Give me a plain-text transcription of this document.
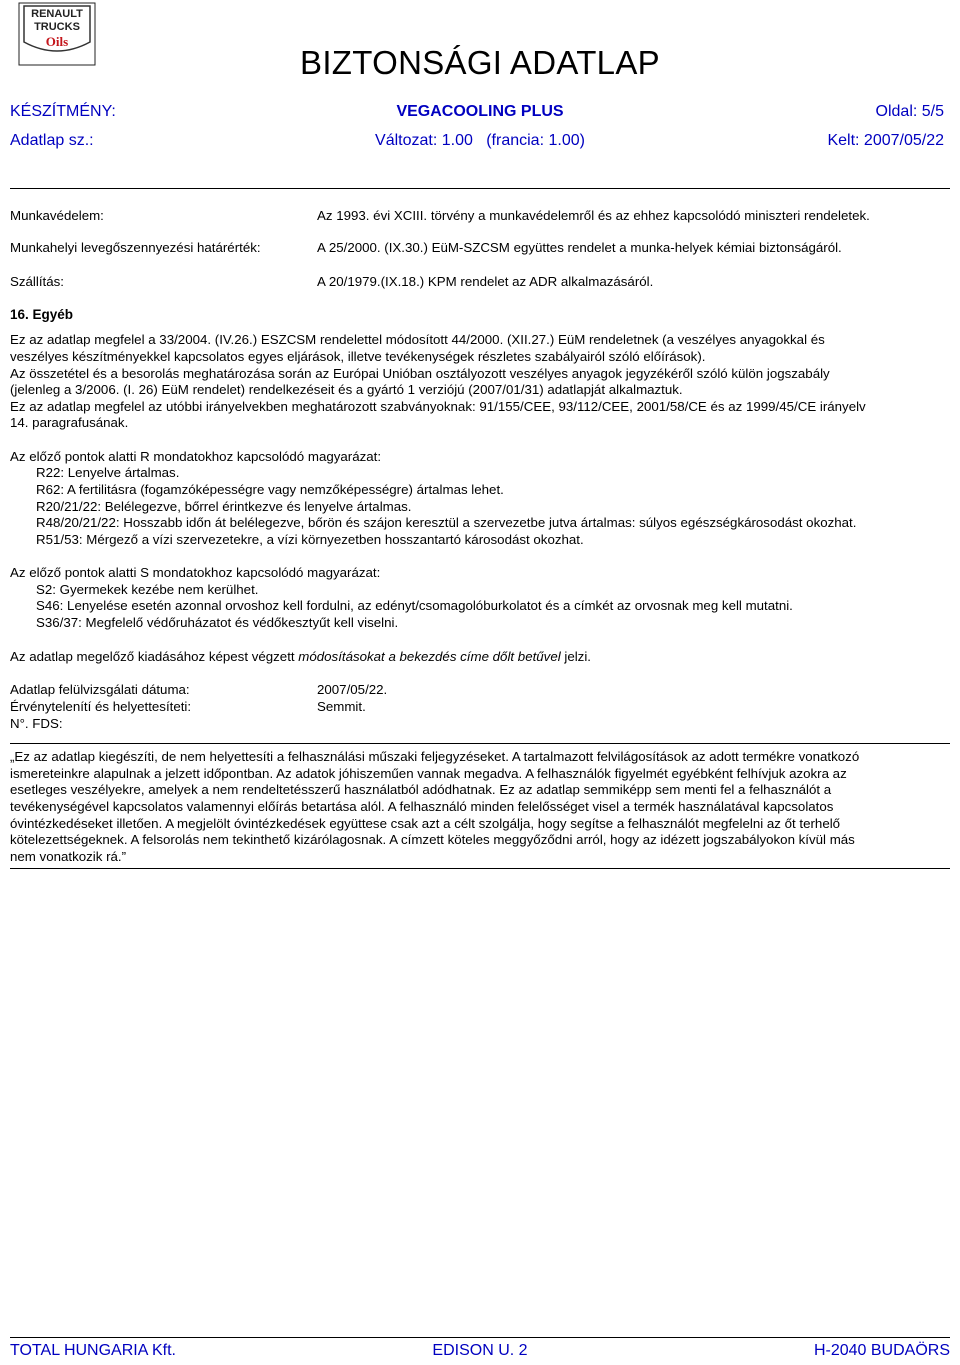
RENAULT
TRUCKS
Oils
BIZTONSÁGI ADATLAP
KÉSZÍTMÉNY:	VEGACOOLING PLUS	Oldal: 5/5
Adatlap sz.:	Változat: 1.00   (francia: 1.00)	Kelt: 2007/05/22
Munkavédelem:	Az 1993. évi XCIII. törvény a munkavédelemről és az ehhez kapcsolódó miniszteri rendeletek.
Munkahelyi levegőszennyezési határérték:	A 25/2000. (IX.30.) EüM-SZCSM együttes rendelet a munka-helyek kémiai biztonságáról.
Szállítás:	A 20/1979.(IX.18.) KPM rendelet az ADR alkalmazásáról.
16. Egyéb
Ez az adatlap megfelel a 33/2004. (IV.26.) ESZCSM rendelettel módosított 44/2000. (XII.27.) EüM rendeletnek (a veszélyes anyagokkal és
veszélyes készítményekkel kapcsolatos egyes eljárások, illetve tevékenységek részletes szabályairól szóló előírások).
Az összetétel és a besorolás meghatározása során az Európai Unióban osztályozott veszélyes anyagok jegyzékéről szóló külön jogszabály
(jelenleg a 3/2006. (I. 26) EüM rendelet) rendelkezéseit és a gyártó 1 verziójú (2007/01/31) adatlapját alkalmaztuk.
Ez az adatlap megfelel az utóbbi irányelvekben meghatározott szabványoknak: 91/155/CEE, 93/112/CEE, 2001/58/CE és az 1999/45/CE irányelv
14. paragrafusának.
Az előző pontok alatti R mondatokhoz kapcsolódó magyarázat:
R22: Lenyelve ártalmas.
R62: A fertilitásra (fogamzóképességre vagy nemzőképességre) ártalmas lehet.
R20/21/22: Belélegezve, bőrrel érintkezve és lenyelve ártalmas.
R48/20/21/22: Hosszabb időn át belélegezve, bőrön és szájon keresztül a szervezetbe jutva ártalmas: súlyos egészségkárosodást okozhat.
R51/53: Mérgező a vízi szervezetekre, a vízi környezetben hosszantartó károsodást okozhat.
Az előző pontok alatti S mondatokhoz kapcsolódó magyarázat:
S2: Gyermekek kezébe nem kerülhet.
S46: Lenyelése esetén azonnal orvoshoz kell fordulni, az edényt/csomagolóburkolatot és a címkét az orvosnak meg kell mutatni.
S36/37: Megfelelő védőruházatot és védőkesztyűt kell viselni.
Az adatlap megelőző kiadásához képest végzett módosításokat a bekezdés címe dőlt betűvel jelzi.
Adatlap felülvizsgálati dátuma:	2007/05/22.
Érvénytelenítí és helyettesíteti:	Semmit.
N°. FDS:
„Ez az adatlap kiegészíti, de nem helyettesíti a felhasználási műszaki feljegyzéseket. A tartalmazott felvilágosítások az adott termékre vonatkozó
ismereteinkre alapulnak a jelzett időpontban. Az adatok jóhiszeműen vannak megadva. A felhasználók figyelmét egyébként felhívjuk azokra az
esetleges veszélyekre, amelyek a nem rendeltetésszerű használatból adódhatnak. Ez az adatlap semmiképp sem menti fel a felhasználót a
tevékenységével kapcsolatos valamennyi előírás betartása alól. A felhasználó minden felelősséget visel a termék használatával kapcsolatos
óvintézkedéseket illetően. A megjelölt óvintézkedések együttese csak azt a célt szolgálja, hogy segítse a felhasználót megfelelni az őt terhelő
kötelezettségeknek. A felsorolás nem tekinthető kizárólagosnak. A címzett köteles meggyőződni arról, hogy az idézett jogszabályokon kívül más
nem vonatkozik rá.”
TOTAL HUNGARIA Kft.	EDISON U. 2	H-2040 BUDAÖRS
